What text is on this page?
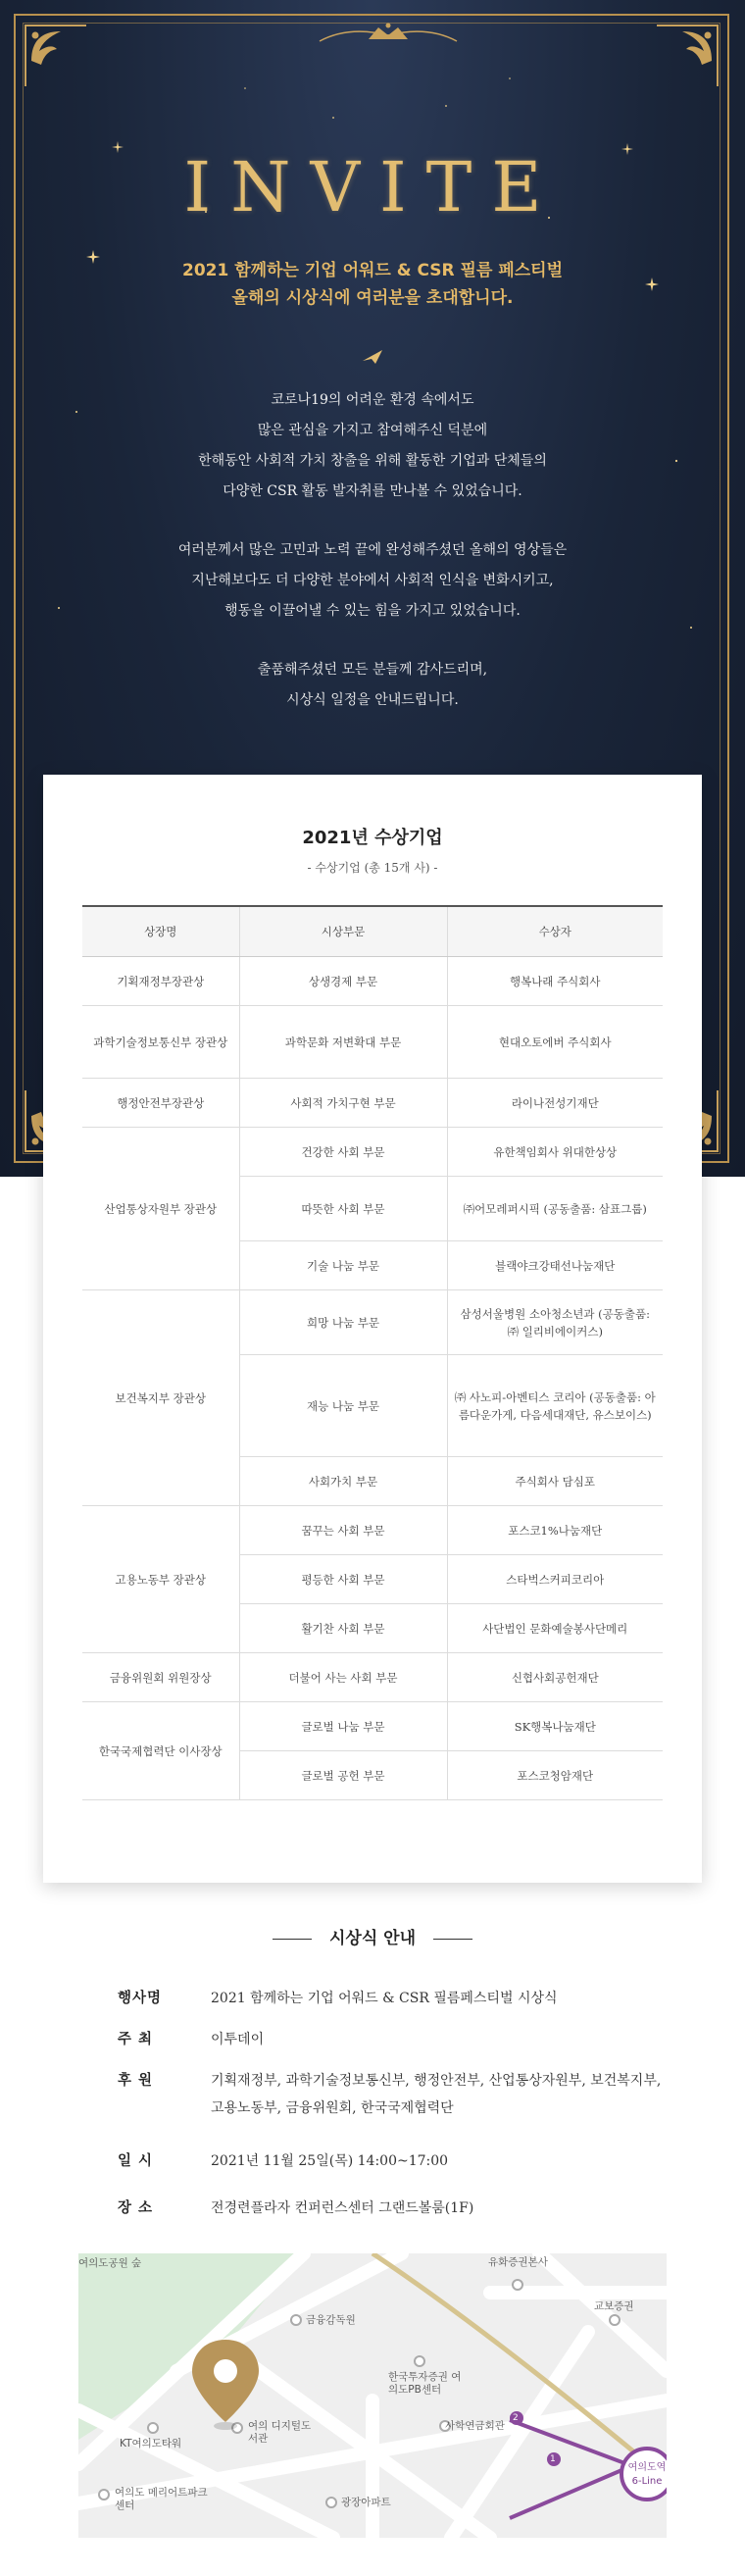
INVITE
2021 함께하는 기업 어워드 & CSR 필름 페스티벌
올해의 시상식에 여러분을 초대합니다.
코로나19의 어려운 환경 속에서도
많은 관심을 가지고 참여해주신 덕분에
한해동안 사회적 가치 창출을 위해 활동한 기업과 단체들의
다양한 CSR 활동 발자취를 만나볼 수 있었습니다.
여러분께서 많은 고민과 노력 끝에 완성해주셨던 올해의 영상들은
지난해보다도 더 다양한 분야에서 사회적 인식을 변화시키고,
행동을 이끌어낼 수 있는 힘을 가지고 있었습니다.
출품해주셨던 모든 분들께 감사드리며,
시상식 일정을 안내드립니다.
2021년 수상기업
- 수상기업 (총 15개 사) -
상장명	시상부문	수상자
기획재정부장관상	상생경제 부문	행복나래 주식회사
과학기술정보통신부 장관상	과학문화 저변확대 부문	현대오토에버 주식회사
행정안전부장관상	사회적 가치구현 부문	라이나전성기재단
산업통상자원부 장관상	건강한 사회 부문	유한책임회사 위대한상상
	따뜻한 사회 부문	㈜어모레퍼시픽 (공동출품: 삼표그룹)
	기술 나눔 부문	블랙야크강태선나눔재단
보건복지부 장관상	희망 나눔 부문	삼성서울병원 소아청소년과 (공동출품: ㈜ 일리비에이커스)
	재능 나눔 부문	㈜ 사노피-아벤티스 코리아 (공동출품: 아름다운가게, 다음세대재단, 유스보이스)
	사회가치 부문	주식회사 담심포
고용노동부 장관상	꿈꾸는 사회 부문	포스코1%나눔재단
	평등한 사회 부문	스타벅스커피코리아
	활기찬 사회 부문	사단법인 문화예술봉사단메리
금융위원회 위원장상	더불어 사는 사회 부문	신협사회공헌재단
한국국제협력단 이사장상	글로벌 나눔 부문	SK행복나눔재단
	글로벌 공헌 부문	포스코청암재단
시상식 안내
행사명	2021 함께하는 기업 어워드 & CSR 필름페스티벌 시상식
주 최	이투데이
후 원	기획재정부, 과학기술정보통신부, 행정안전부, 산업통상자원부, 보건복지부, 고용노동부, 금융위원회, 한국국제협력단
일 시	2021년 11월 25일(목) 14:00~17:00
장 소	전경련플라자 컨퍼런스센터 그랜드볼룸(1F)
여의도공원 숲
금융감독원
KT여의도타워
여의 디지털도서관
여의도 메리어트파크센터	광장아파트
한국투자증권 여의도PB센터
사학연금회관
유화증권본사
교보증권
여의도역
6-Line
2
1
